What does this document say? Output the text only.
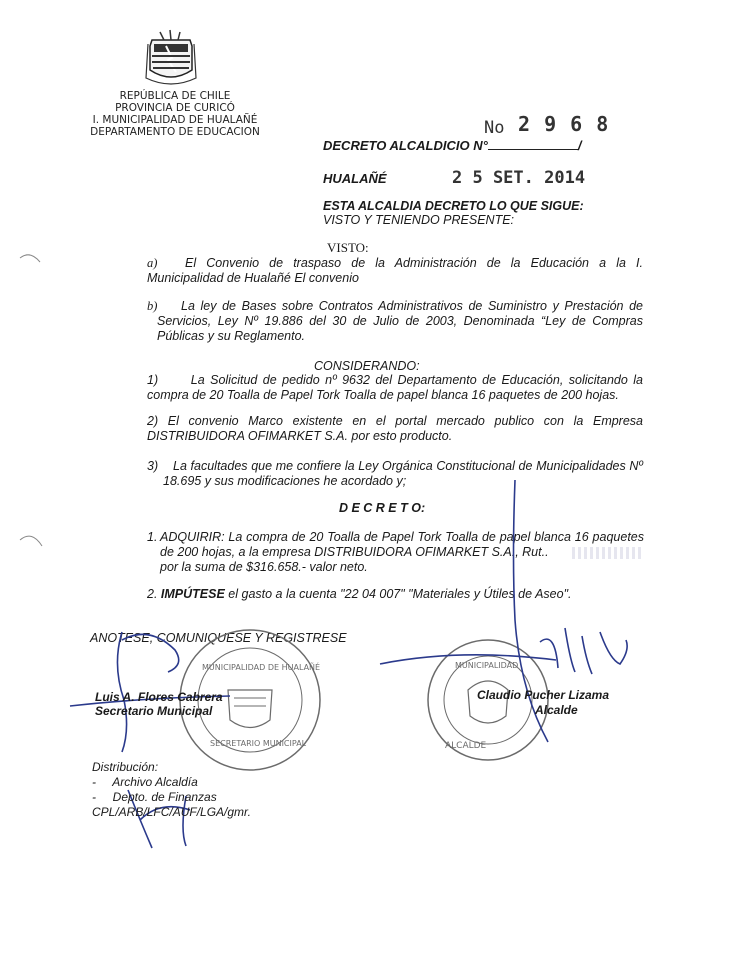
REPÚBLICA DE CHILE
PROVINCIA DE CURICÓ
I. MUNICIPALIDAD DE HUALAÑÉ
DEPARTAMENTO DE EDUCACION	No 2 9 6 8
DECRETO ALCALDICIO N°	/
HUALAÑÉ	2 5 SET. 2014
ESTA ALCALDIA DECRETO LO QUE SIGUE:
VISTO Y TENIENDO PRESENTE:
VISTO:
a)	El Convenio de traspaso de la Administración de la Educación a la I. Municipalidad de Hualañé El convenio
b)	La ley de Bases sobre Contratos Administrativos de Suministro y Prestación de Servicios, Ley Nº 19.886 del 30 de Julio de 2003, Denominada “Ley de Compras Públicas y su Reglamento.
CONSIDERANDO:
1)      La Solicitud de pedido nº 9632 del Departamento de Educación, solicitando la compra de 20 Toalla de Papel Tork Toalla de papel blanca 16 paquetes de 200 hojas.
2) El convenio Marco existente en el portal mercado publico con la Empresa DISTRIBUIDORA OFIMARKET S.A. por esto producto.
3)	La facultades que me confiere la Ley Orgánica Constitucional de Municipalidades Nº 18.695 y sus modificaciones he acordado y;
D E C R E T O:
1. ADQUIRIR: La compra de 20 Toalla de Papel Tork Toalla de papel blanca 16 paquetes de 200 hojas, a la empresa DISTRIBUIDORA OFIMARKET S.A., Rut..
por la suma de $316.658.- valor neto.
2. IMPÚTESE el gasto a la cuenta "22 04 007" "Materiales y Útiles de Aseo".
ANOTESE, COMUNIQUESE Y REGISTRESE
MUNICIPALIDAD DE HUALAÑÉ
SECRETARIO MUNICIPAL
MUNICIPALIDAD
ALCALDE
Luis A. Flores Cabrera
Secretario Municipal
Claudio Pucher Lizama
Alcalde
Distribución:
-     Archivo Alcaldía
-     Depto. de Finanzas
CPL/ARB/LFC/AUF/LGA/gmr.
